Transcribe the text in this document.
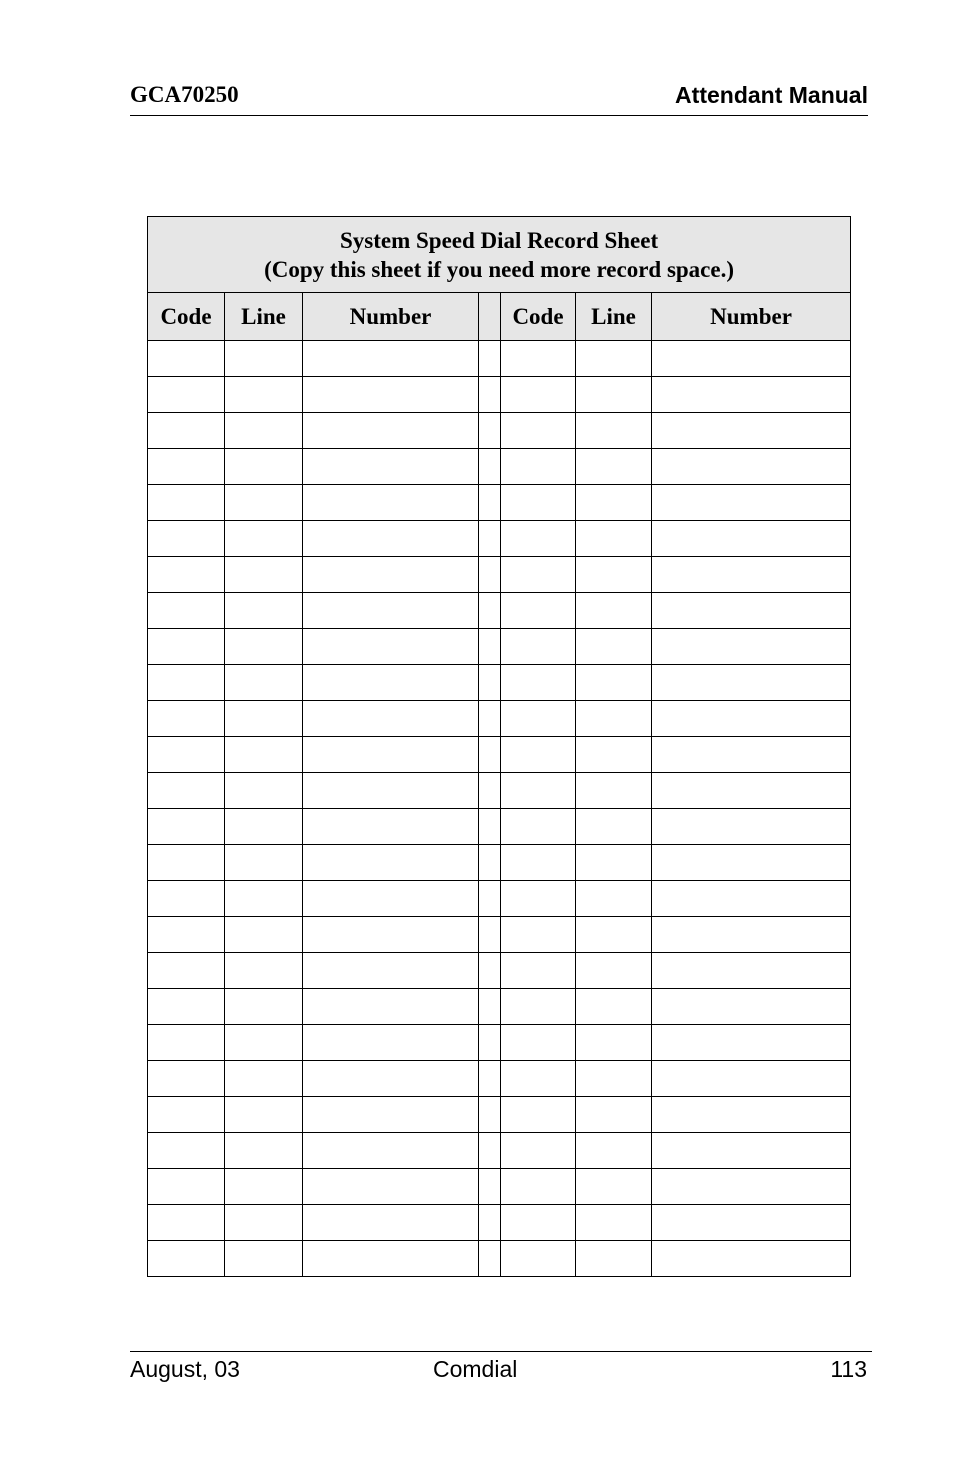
GCA70250	Attendant Manual
System Speed Dial Record Sheet
(Copy this sheet if you need more record space.)						

Code	Line	Number		Code	Line	Number

August, 03	Comdial	113
